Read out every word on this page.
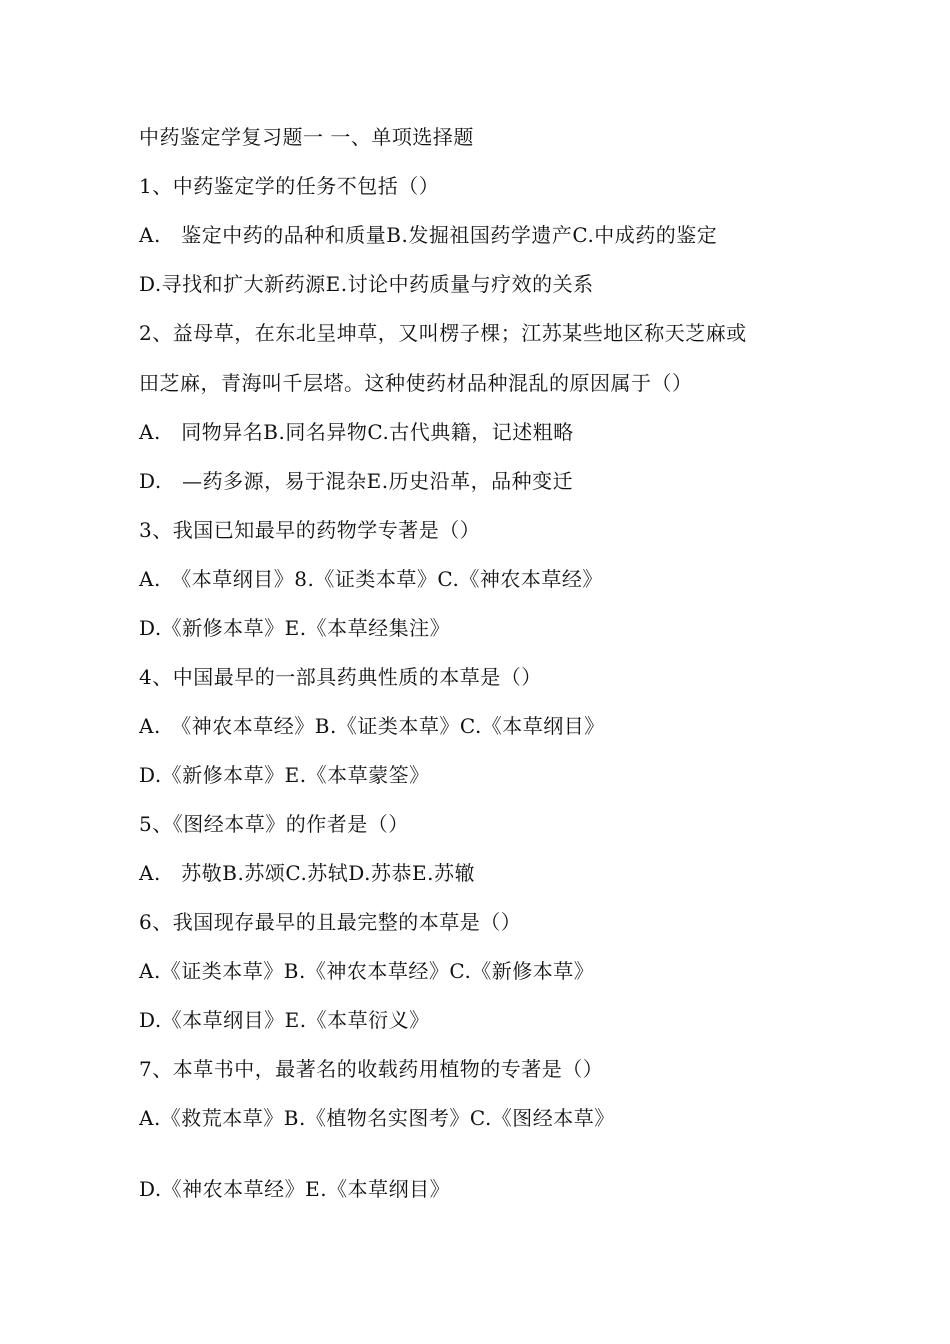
中药鉴定学复习题一 一、单项选择题
1、中药鉴定学的任务不包括（）
A.　鉴定中药的品种和质量B.发掘祖国药学遗产C.中成药的鉴定
D.寻找和扩大新药源E.讨论中药质量与疗效的关系
2、益母草，在东北呈坤草，又叫楞子棵；江苏某些地区称天芝麻或
田芝麻，青海叫千层塔。这种使药材品种混乱的原因属于（）
A.　同物异名B.同名异物C.古代典籍，记述粗略
D.　—药多源，易于混杂E.历史沿革，品种变迁
3、我国已知最早的药物学专著是（）
A.　《本草纲目》8.《证类本草》C.《神农本草经》
D.《新修本草》E.《本草经集注》
4、中国最早的一部具药典性质的本草是（）
A.　《神农本草经》B.《证类本草》C.《本草纲目》
D.《新修本草》E.《本草蒙筌》
5、《图经本草》的作者是（）
A.　苏敬B.苏颂C.苏轼D.苏恭E.苏辙
6、我国现存最早的且最完整的本草是（）
A.《证类本草》B.《神农本草经》C.《新修本草》
D.《本草纲目》E.《本草衍义》
7、本草书中，最著名的收载药用植物的专著是（）
A.《救荒本草》B.《植物名实图考》C.《图经本草》
D.《神农本草经》E.《本草纲目》
